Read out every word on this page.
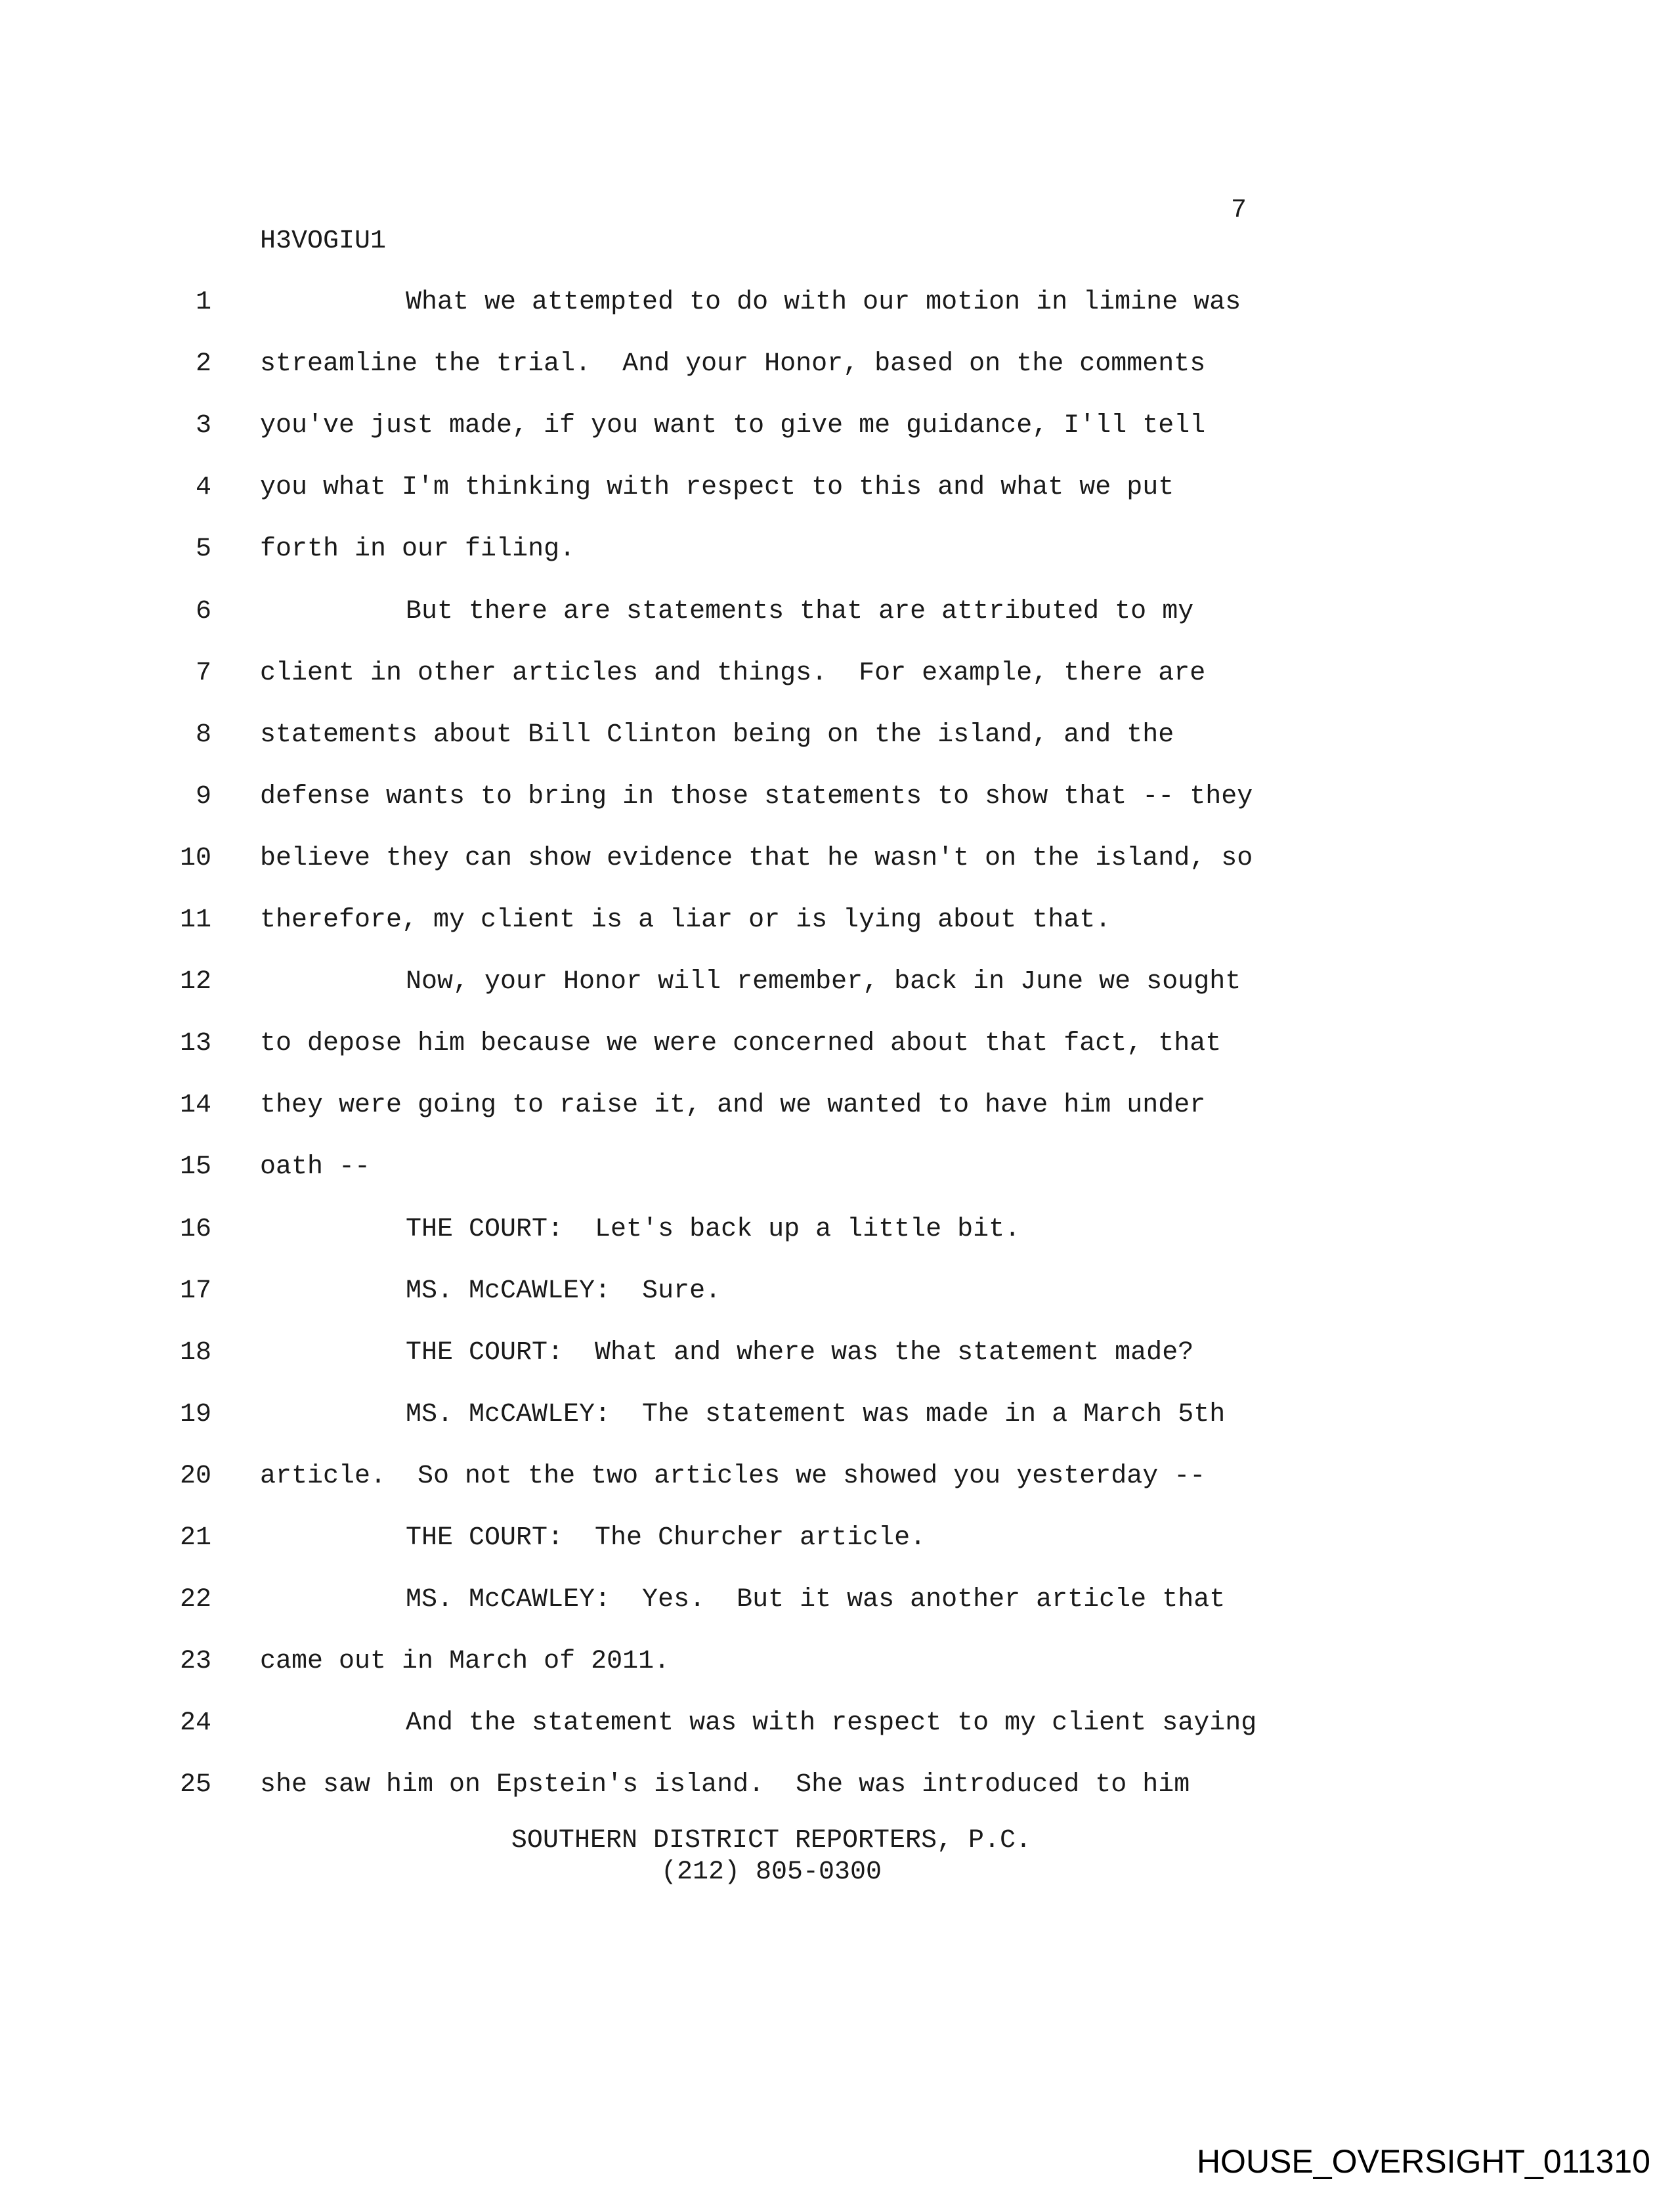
7
H3VOGIU1
1	What we attempted to do with our motion in limine was
2 streamline the trial.  And your Honor, based on the comments
3 you've just made, if you want to give me guidance, I'll tell
4 you what I'm thinking with respect to this and what we put
5 forth in our filing.
6	But there are statements that are attributed to my
7 client in other articles and things.  For example, there are
8 statements about Bill Clinton being on the island, and the
9 defense wants to bring in those statements to show that -- they
10 believe they can show evidence that he wasn't on the island, so
11 therefore, my client is a liar or is lying about that.
12	Now, your Honor will remember, back in June we sought
13 to depose him because we were concerned about that fact, that
14 they were going to raise it, and we wanted to have him under
15 oath --
16	THE COURT:  Let's back up a little bit.
17	MS. McCAWLEY:  Sure.
18	THE COURT:  What and where was the statement made?
19	MS. McCAWLEY:  The statement was made in a March 5th
20 article.  So not the two articles we showed you yesterday --
21	THE COURT:  The Churcher article.
22	MS. McCAWLEY:  Yes.  But it was another article that
23 came out in March of 2011.
24	And the statement was with respect to my client saying
25 she saw him on Epstein's island.  She was introduced to him
SOUTHERN DISTRICT REPORTERS, P.C.
(212) 805-0300
HOUSE_OVERSIGHT_011310
